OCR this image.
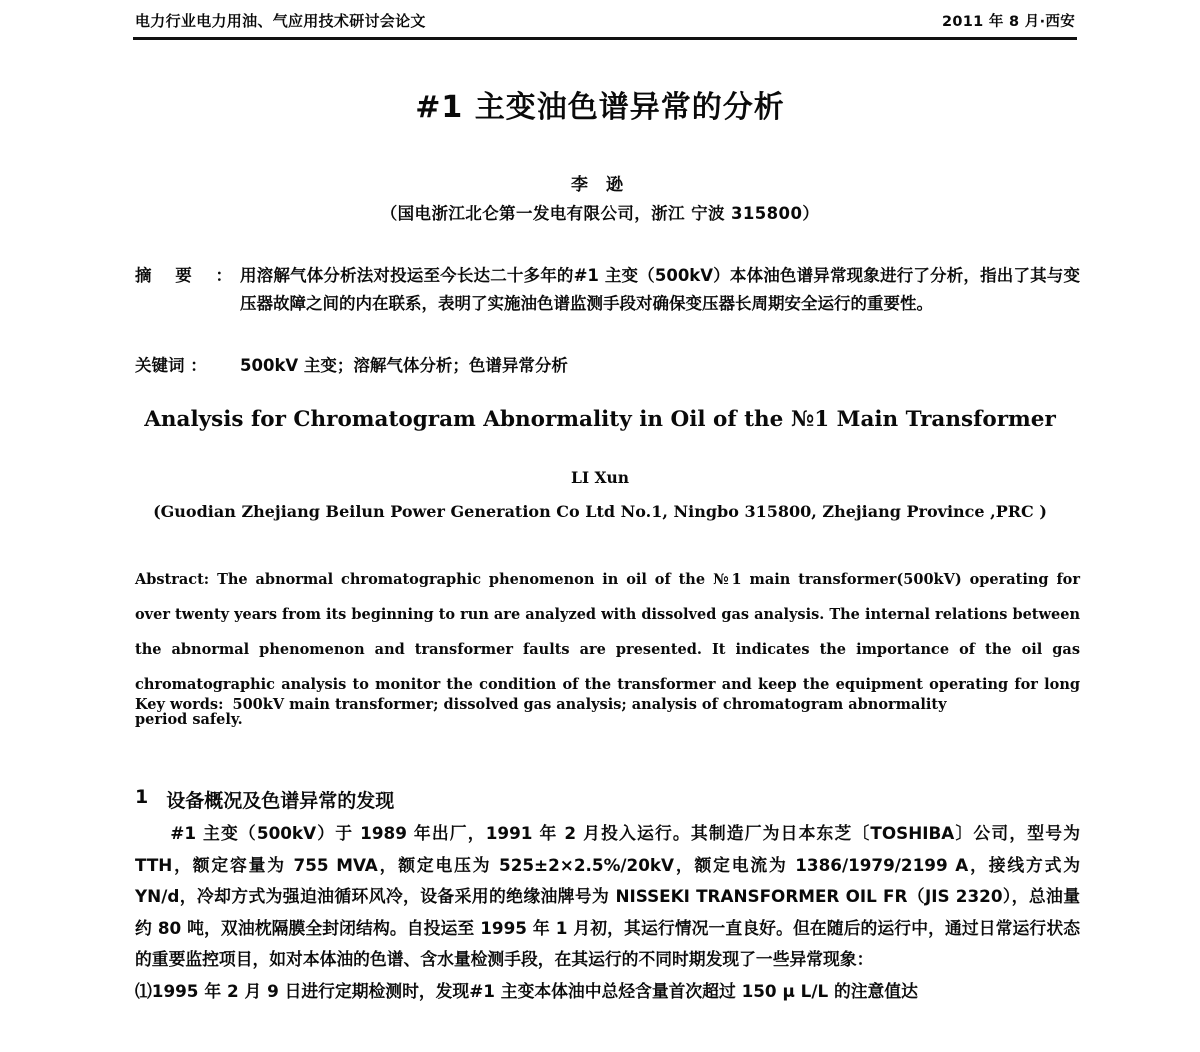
电力行业电力用油、气应用技术研讨会论文	2011 年 8 月·西安
#1 主变油色谱异常的分析
李 逊
（国电浙江北仑第一发电有限公司，浙江 宁波 315800）
摘 要 ： 用溶解气体分析法对投运至今长达二十多年的#1 主变（500kV）本体油色谱异常现象进行了分析，指出了其与变压器故障之间的内在联系，表明了实施油色谱监测手段对确保变压器长周期安全运行的重要性。
关键词 ：	500kV 主变；溶解气体分析；色谱异常分析
Analysis for Chromatogram Abnormality in Oil of the №1 Main Transformer
LI Xun
(Guodian Zhejiang Beilun Power Generation Co Ltd No.1, Ningbo 315800, Zhejiang Province ,PRC )
Abstract: The abnormal chromatographic phenomenon in oil of the №1 main transformer(500kV) operating for over twenty years from its beginning to run are analyzed with dissolved gas analysis. The internal relations between the abnormal phenomenon and transformer faults are presented. It indicates the importance of the oil gas chromatographic analysis to monitor the condition of the transformer and keep the equipment operating for long period safely.
Key words: 500kV main transformer; dissolved gas analysis; analysis of chromatogram abnormality
1 设备概况及色谱异常的发现

#1 主变（500kV）于 1989 年出厂，1991 年 2 月投入运行。其制造厂为日本东芝〔TOSHIBA〕公司，型号为 TTH，额定容量为 755 MVA，额定电压为 525±2×2.5%/20kV，额定电流为 1386/1979/2199 A，接线方式为 YN/d，冷却方式为强迫油循环风冷，设备采用的绝缘油牌号为 NISSEKI TRANSFORMER OIL FR（JIS 2320），总油量约 80 吨，双油枕隔膜全封闭结构。自投运至 1995 年 1 月初，其运行情况一直良好。但在随后的运行中，通过日常运行状态的重要监控项目，如对本体油的色谱、含水量检测手段，在其运行的不同时期发现了一些异常现象：

⑴1995 年 2 月 9 日进行定期检测时，发现#1 主变本体油中总烃含量首次超过 150 μ L/L 的注意值达
